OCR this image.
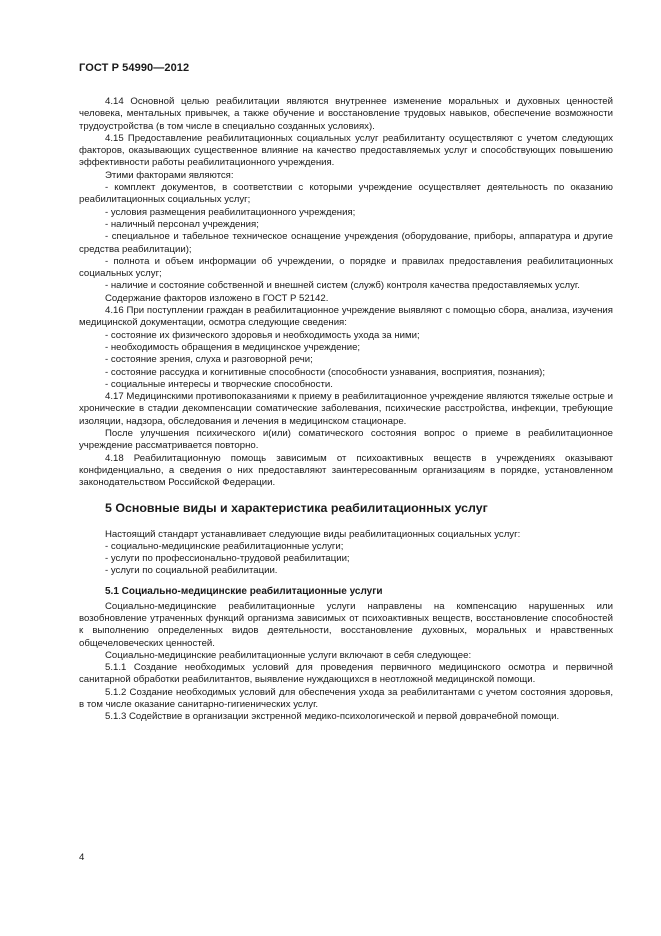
ГОСТ Р 54990—2012

4.14 Основной целью реабилитации являются внутреннее изменение моральных и духовных ценностей человека, ментальных привычек, а также обучение и восстановление трудовых навыков, обеспечение возможности трудоустройства (в том числе в специально созданных условиях).

4.15 Предоставление реабилитационных социальных услуг реабилитанту осуществляют с учетом следующих факторов, оказывающих существенное влияние на качество предоставляемых услуг и способствующих повышению эффективности работы реабилитационного учреждения.

Этими факторами являются:

- комплект документов, в соответствии с которыми учреждение осуществляет деятельность по оказанию реабилитационных социальных услуг;

- условия размещения реабилитационного учреждения;

- наличный персонал учреждения;

- специальное и табельное техническое оснащение учреждения (оборудование, приборы, аппаратура и другие средства реабилитации);

- полнота и объем информации об учреждении, о порядке и правилах предоставления реабилитационных социальных услуг;

- наличие и состояние собственной и внешней систем (служб) контроля качества предоставляемых услуг.

Содержание факторов изложено в ГОСТ Р 52142.

4.16 При поступлении граждан в реабилитационное учреждение выявляют с помощью сбора, анализа, изучения медицинской документации, осмотра следующие сведения:

- состояние их физического здоровья и необходимость ухода за ними;

- необходимость обращения в медицинское учреждение;

- состояние зрения, слуха и разговорной речи;

- состояние рассудка и когнитивные способности (способности узнавания, восприятия, познания);

- социальные интересы и творческие способности.

4.17 Медицинскими противопоказаниями к приему в реабилитационное учреждение являются тяжелые острые и хронические в стадии декомпенсации соматические заболевания, психические расстройства, инфекции, требующие изоляции, надзора, обследования и лечения в медицинском стационаре.

После улучшения психического и(или) соматического состояния вопрос о приеме в реабилитационное учреждение рассматривается повторно.

4.18 Реабилитационную помощь зависимым от психоактивных веществ в учреждениях оказывают конфиденциально, а сведения о них предоставляют заинтересованным организациям в порядке, установленном законодательством Российской Федерации.

5 Основные виды и характеристика реабилитационных услуг

Настоящий стандарт устанавливает следующие виды реабилитационных социальных услуг:

- социально-медицинские реабилитационные услуги;

- услуги по профессионально-трудовой реабилитации;

- услуги по социальной реабилитации.

5.1 Социально-медицинские реабилитационные услуги

Социально-медицинские реабилитационные услуги направлены на компенсацию нарушенных или возобновление утраченных функций организма зависимых от психоактивных веществ, восстановление способностей к выполнению определенных видов деятельности, восстановление духовных, моральных и нравственных общечеловеческих ценностей.

Социально-медицинские реабилитационные услуги включают в себя следующее:

5.1.1 Создание необходимых условий для проведения первичного медицинского осмотра и первичной санитарной обработки реабилитантов, выявление нуждающихся в неотложной медицинской помощи.

5.1.2 Создание необходимых условий для обеспечения ухода за реабилитантами с учетом состояния здоровья, в том числе оказание санитарно-гигиенических услуг.

5.1.3 Содействие в организации экстренной медико-психологической и первой доврачебной помощи.

4
